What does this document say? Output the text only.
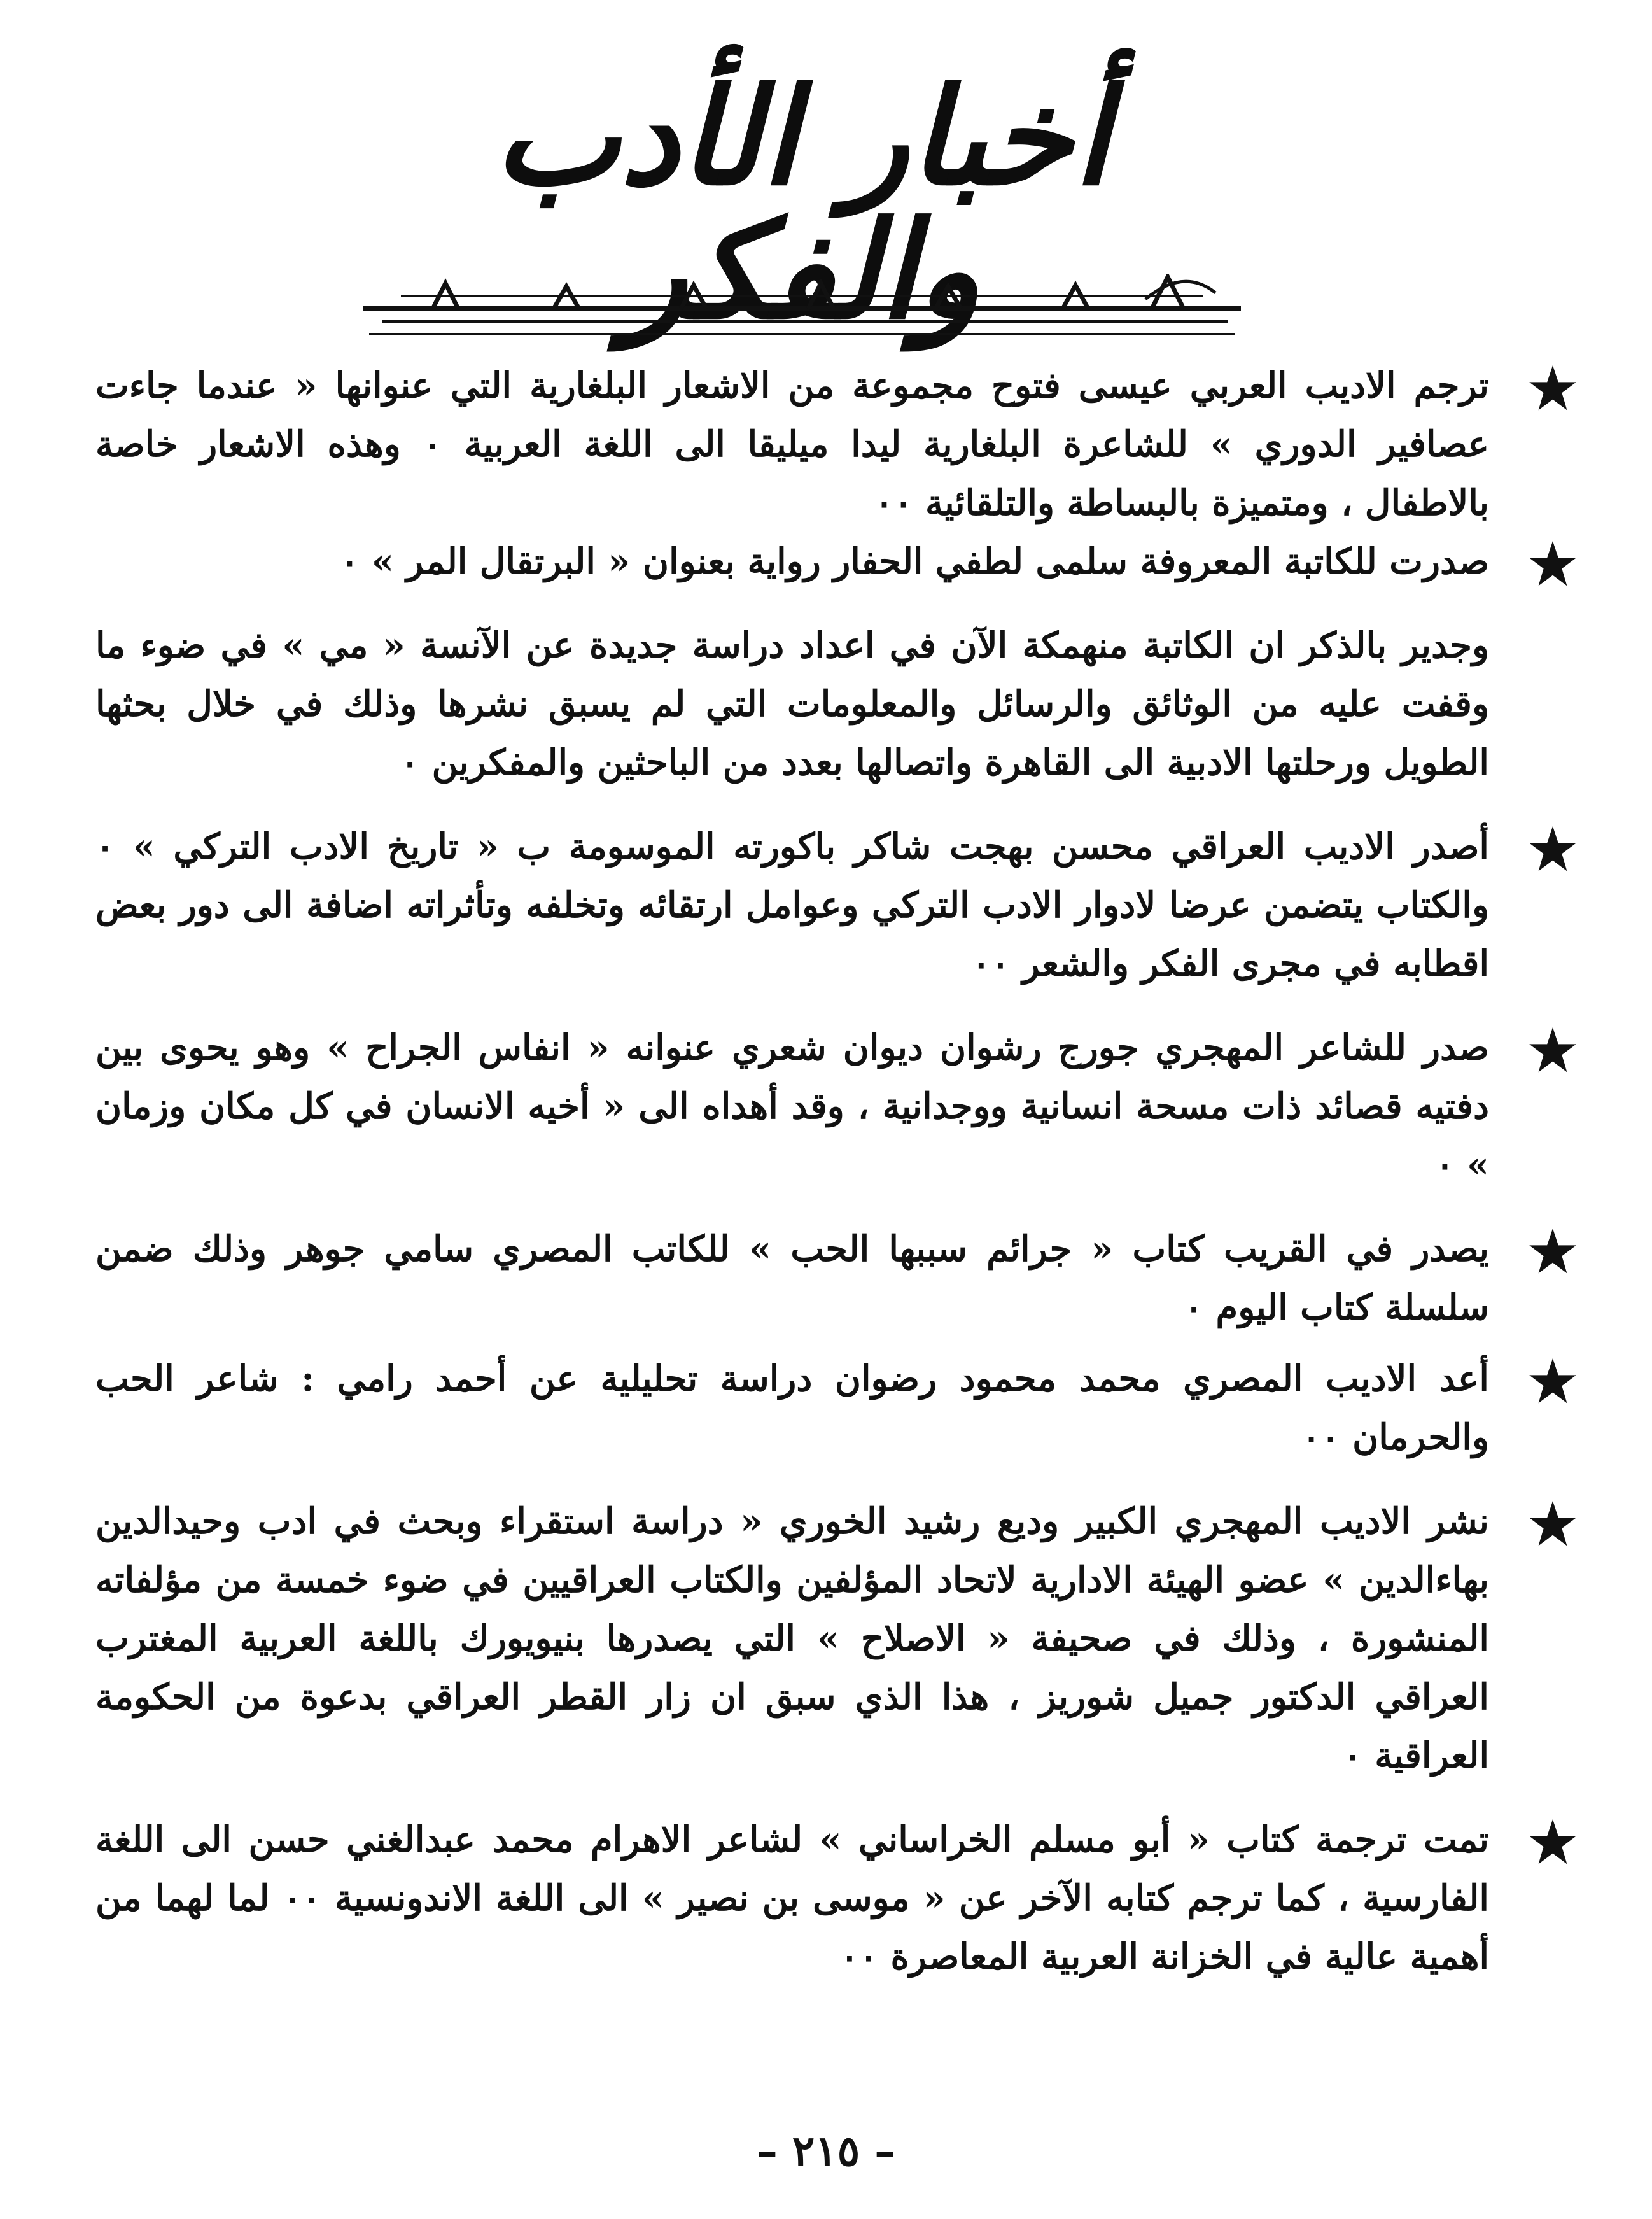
أخبار الأدب والفكر

ترجم الاديب العربي عيسى فتوح مجموعة من الاشعار البلغارية التي عنوانها « عندما جاءت عصافير الدوري » للشاعرة البلغارية ليدا ميليقا الى اللغة العربية ٠ وهذه الاشعار خاصة بالاطفال ، ومتميزة بالبساطة والتلقائية ٠٠

صدرت للكاتبة المعروفة سلمى لطفي الحفار رواية بعنوان « البرتقال المر » ٠

وجدير بالذكر ان الكاتبة منهمكة الآن في اعداد دراسة جديدة عن الآنسة « مي » في ضوء ما وقفت عليه من الوثائق والرسائل والمعلومات التي لم يسبق نشرها وذلك في خلال بحثها الطويل ورحلتها الادبية الى القاهرة واتصالها بعدد من الباحثين والمفكرين ٠

أصدر الاديب العراقي محسن بهجت شاكر باكورته الموسومة ب « تاريخ الادب التركي » ٠ والكتاب يتضمن عرضا لادوار الادب التركي وعوامل ارتقائه وتخلفه وتأثراته اضافة الى دور بعض اقطابه في مجرى الفكر والشعر ٠٠

صدر للشاعر المهجري جورج رشوان ديوان شعري عنوانه « انفاس الجراح » وهو يحوى بين دفتيه قصائد ذات مسحة انسانية ووجدانية ، وقد أهداه الى « أخيه الانسان في كل مكان وزمان » ٠

يصدر في القريب كتاب « جرائم سببها الحب » للكاتب المصري سامي جوهر وذلك ضمن سلسلة كتاب اليوم ٠

أعد الاديب المصري محمد محمود رضوان دراسة تحليلية عن أحمد رامي : شاعر الحب والحرمان ٠٠

نشر الاديب المهجري الكبير وديع رشيد الخوري « دراسة استقراء وبحث في ادب وحيدالدين بهاءالدين » عضو الهيئة الادارية لاتحاد المؤلفين والكتاب العراقيين في ضوء خمسة من مؤلفاته المنشورة ، وذلك في صحيفة « الاصلاح » التي يصدرها بنيويورك باللغة العربية المغترب العراقي الدكتور جميل شوريز ، هذا الذي سبق ان زار القطر العراقي بدعوة من الحكومة العراقية ٠

تمت ترجمة كتاب « أبو مسلم الخراساني » لشاعر الاهرام محمد عبدالغني حسن الى اللغة الفارسية ، كما ترجم كتابه الآخر عن « موسى بن نصير » الى اللغة الاندونسية ٠٠ لما لهما من أهمية عالية في الخزانة العربية المعاصرة ٠٠

– ٢١٥ –
